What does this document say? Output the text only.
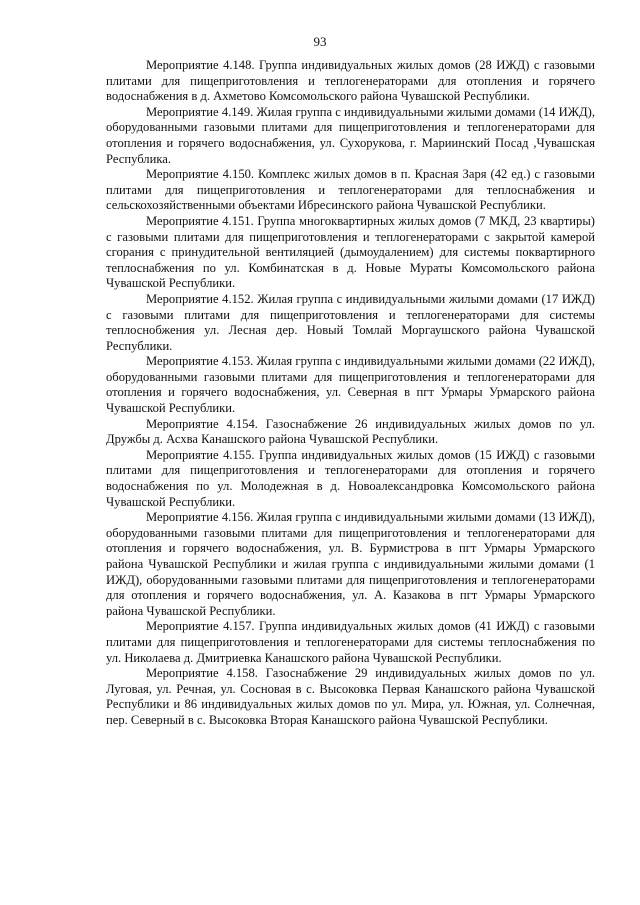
93

Мероприятие 4.148. Группа индивидуальных жилых домов (28 ИЖД) с газовыми плитами для пищеприготовления и теплогенераторами для отопления и горячего водоснабжения в д. Ахметово Комсомольского района Чувашской Республики.

Мероприятие 4.149. Жилая группа с индивидуальными жилыми домами (14 ИЖД), оборудованными газовыми плитами для пищеприготовления и теплогенераторами для отопления и горячего водоснабжения, ул. Сухорукова, г. Мариинский Посад ,Чувашская Республика.

Мероприятие 4.150. Комплекс жилых домов в п. Красная Заря (42 ед.) с газовыми плитами для пищеприготовления и теплогенераторами для теплоснабжения и сельскохозяйственными объектами Ибресинского района Чувашской Республики.

Мероприятие 4.151. Группа многоквартирных жилых домов (7 МКД, 23 квартиры) с газовыми плитами для пищеприготовления и теплогенераторами с закрытой камерой сгорания с принудительной вентиляцией (дымоудалением) для системы поквартирного теплоснабжения по ул. Комбинатская в д. Новые Мураты Комсомольского района Чувашской Республики.

Мероприятие 4.152. Жилая группа с индивидуальными жилыми домами (17 ИЖД) с газовыми плитами для пищеприготовления и теплогенераторами для системы теплоснобжения ул. Лесная дер. Новый Томлай Моргаушского района Чувашской Республики.

Мероприятие 4.153. Жилая группа с индивидуальными жилыми домами (22 ИЖД), оборудованными газовыми плитами для пищеприготовления и теплогенераторами для отопления и горячего водоснабжения, ул. Северная в пгт Урмары Урмарского района Чувашской Республики.

Мероприятие 4.154. Газоснабжение 26 индивидуальных жилых домов по ул. Дружбы д. Асхва Канашского района Чувашской Республики.

Мероприятие 4.155. Группа индивидуальных жилых домов (15 ИЖД) с газовыми плитами для пищеприготовления и теплогенераторами для отопления и горячего водоснабжения по ул. Молодежная в д. Новоалександровка Комсомольского района Чувашской Республики.

Мероприятие 4.156. Жилая группа с индивидуальными жилыми домами (13 ИЖД), оборудованными газовыми плитами для пищеприготовления и теплогенераторами для отопления и горячего водоснабжения, ул. В. Бурмистрова в пгт Урмары Урмарского района Чувашской Республики и жилая группа с индивидуальными жилыми домами (1 ИЖД), оборудованными газовыми плитами для пищеприготовления и теплогенераторами для отопления и горячего водоснабжения, ул. А. Казакова в пгт Урмары Урмарского района Чувашской Республики.

Мероприятие 4.157. Группа индивидуальных жилых домов (41 ИЖД) с газовыми плитами для пищеприготовления и теплогенераторами для системы теплоснабжения по ул. Николаева д. Дмитриевка Канашского района Чувашской Республики.

Мероприятие 4.158. Газоснабжение 29 индивидуальных жилых домов по ул. Луговая, ул. Речная, ул. Сосновая в с. Высоковка Первая Канашского района Чувашской Республики и 86 индивидуальных жилых домов по ул. Мира, ул. Южная, ул. Солнечная, пер. Северный в с. Высоковка Вторая Канашского района Чувашской Республики.
